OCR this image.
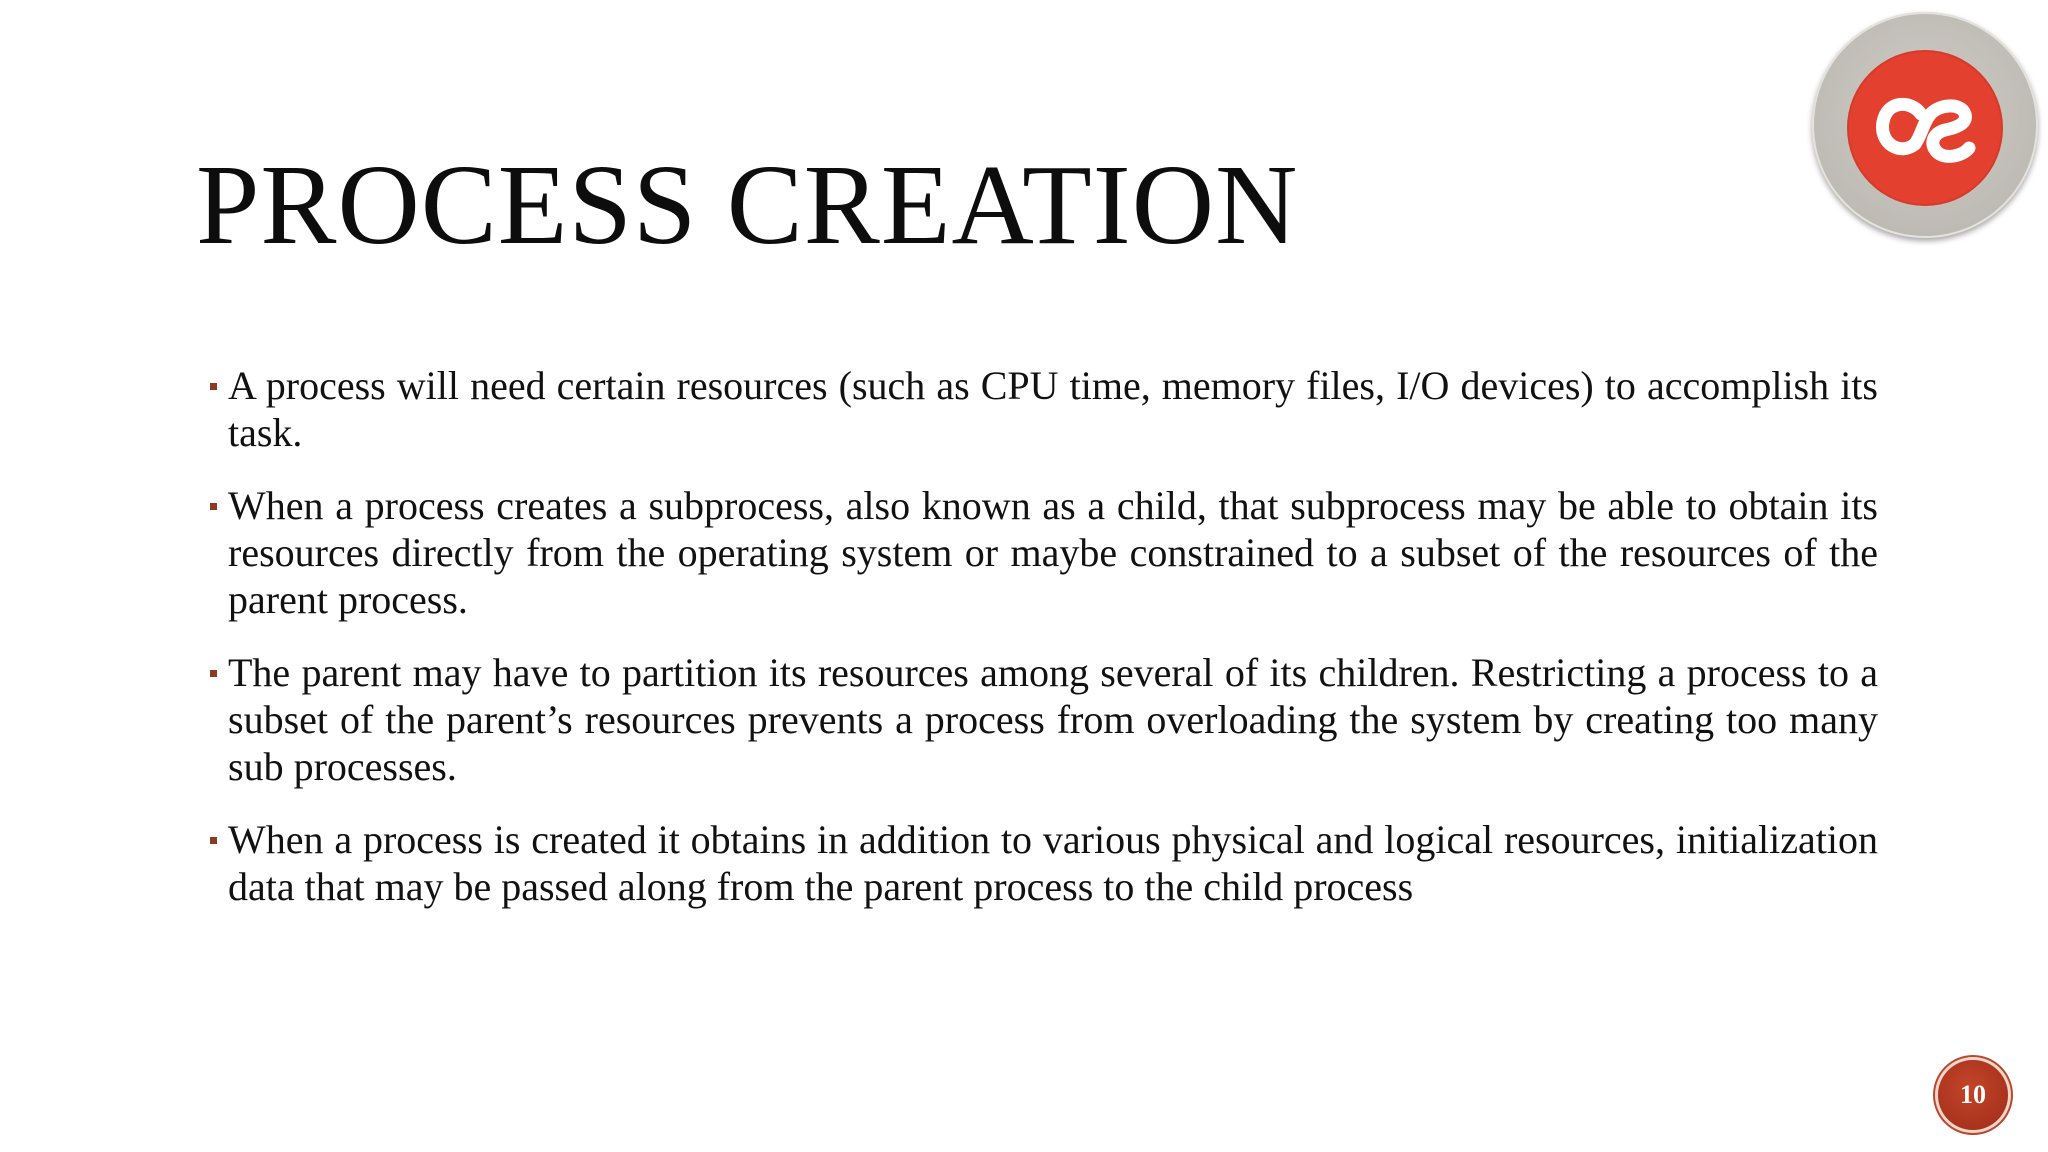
PROCESS CREATION
A process will need certain resources (such as CPU time, memory files, I/O devices) to accomplish its task.
When a process creates a subprocess, also known as a child, that subprocess may be able to obtain its resources directly from the operating system or maybe constrained to a subset of the resources of the parent process.
The parent may have to partition its resources among several of its children. Restricting a process to a subset of the parent’s resources prevents a process from overloading the system by creating too many sub processes.
When a process is created it obtains in addition to various physical and logical resources, initialization data that may be passed along from the parent process to the child process
10
